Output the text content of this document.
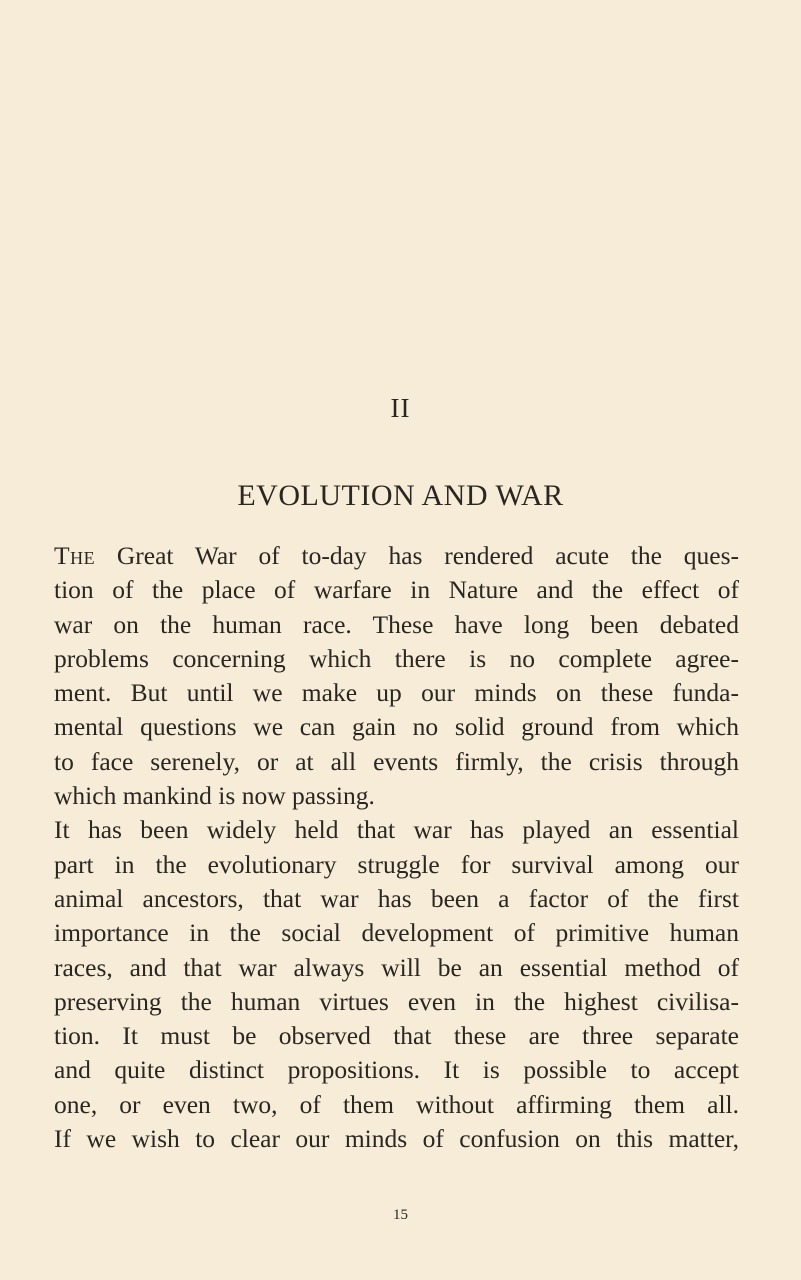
II
EVOLUTION AND WAR
The Great War of to-day has rendered acute the ques-
tion of the place of warfare in Nature and the effect of
war on the human race. These have long been debated
problems concerning which there is no complete agree-
ment. But until we make up our minds on these funda-
mental questions we can gain no solid ground from which
to face serenely, or at all events firmly, the crisis through
which mankind is now passing.
It has been widely held that war has played an essential
part in the evolutionary struggle for survival among our
animal ancestors, that war has been a factor of the first
importance in the social development of primitive human
races, and that war always will be an essential method of
preserving the human virtues even in the highest civilisa-
tion. It must be observed that these are three separate
and quite distinct propositions. It is possible to accept
one, or even two, of them without affirming them all.
If we wish to clear our minds of confusion on this matter,
15
